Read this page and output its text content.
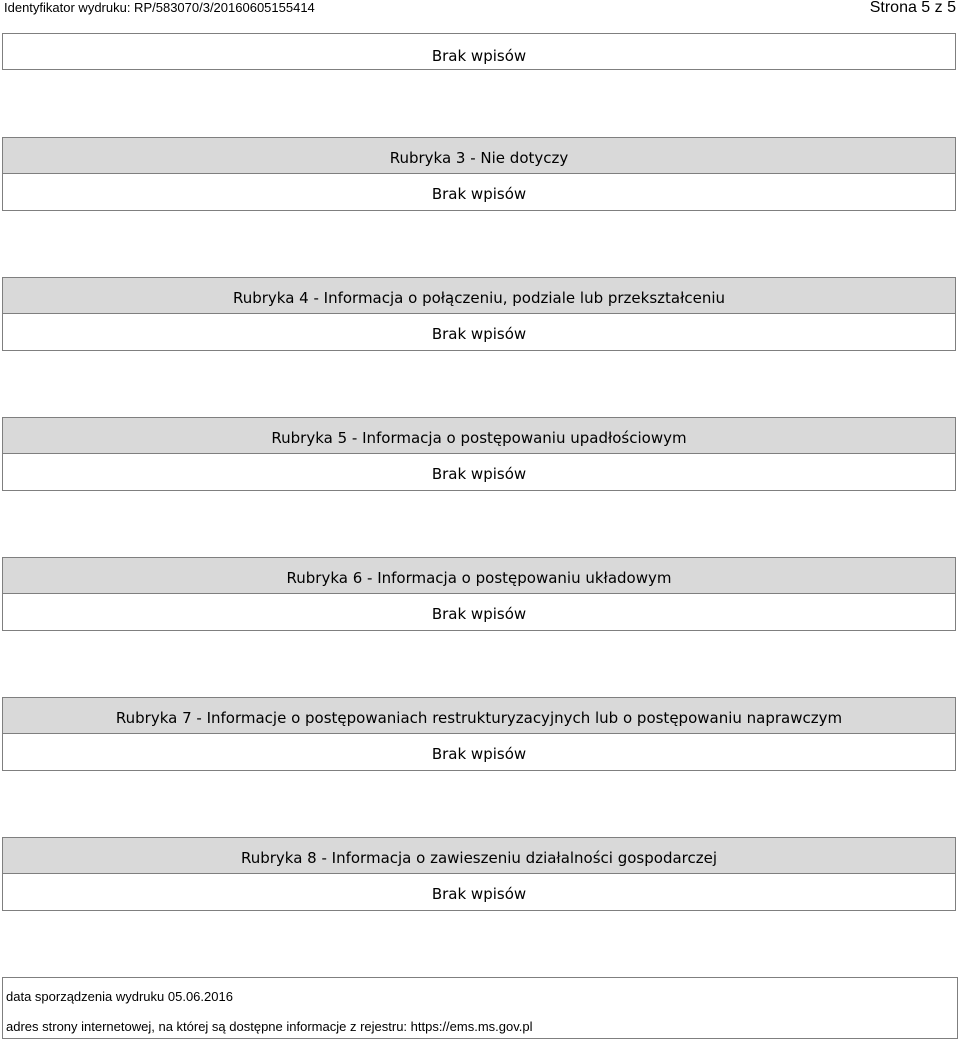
Identyfikator wydruku: RP/583070/3/20160605155414	Strona 5 z 5
Brak wpisów
Rubryka 3 - Nie dotyczy
Brak wpisów
Rubryka 4 - Informacja o połączeniu, podziale lub przekształceniu
Brak wpisów
Rubryka 5 - Informacja o postępowaniu upadłościowym
Brak wpisów
Rubryka 6 - Informacja o postępowaniu układowym
Brak wpisów
Rubryka 7 - Informacje o postępowaniach restrukturyzacyjnych lub o postępowaniu naprawczym
Brak wpisów
Rubryka 8 - Informacja o zawieszeniu działalności gospodarczej
Brak wpisów
data sporządzenia wydruku 05.06.2016
adres strony internetowej, na której są dostępne informacje z rejestru: https://ems.ms.gov.pl
